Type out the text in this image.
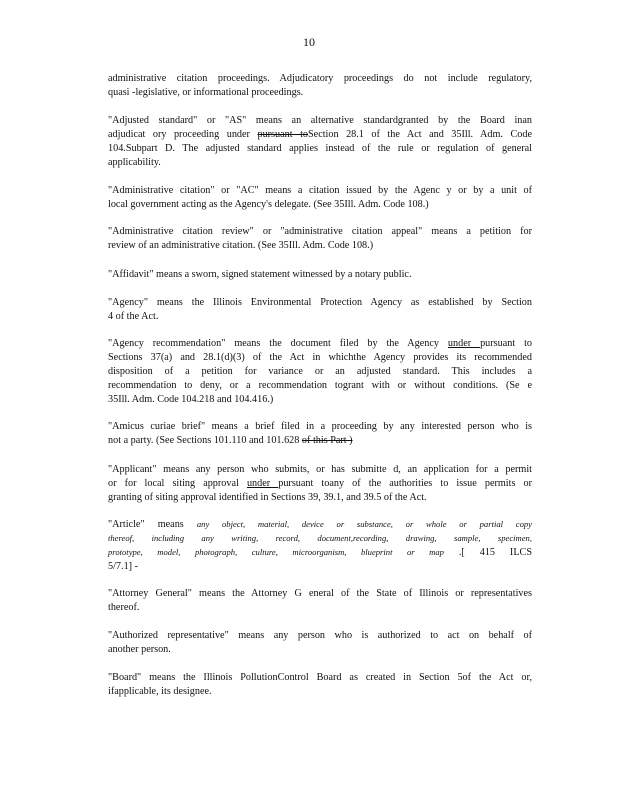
10
administrative citation proceedings. Adjudicatory proceedings do not include regulatory,
quasi -legislative, or informational proceedings.
"Adjusted standard" or "AS" means an alternative standardgranted by the Board inan
adjudicat ory proceeding under pursuant toSection 28.1 of the Act and 35Ill. Adm. Code
104.Subpart D. The adjusted standard applies instead of the rule or regulation of general
applicability.
"Administrative citation" or "AC" means a citation issued by the Agenc y or by a unit of
local government acting as the Agency's delegate. (See 35Ill. Adm. Code 108.)
"Administrative citation review" or "administrative citation appeal" means a petition for
review of an administrative citation. (See 35Ill. Adm. Code 108.)
"Affidavit" means a sworn, signed statement witnessed by a notary public.
"Agency" means the Illinois Environmental Protection Agency as established by Section
4 of the Act.
"Agency recommendation" means the document filed by the Agency under pursuant to
Sections 37(a) and 28.1(d)(3) of the Act in whichthe Agency provides its recommended
disposition of a petition for variance or an adjusted standard. This includes a
recommendation to deny, or a recommendation togrant with or without conditions. (Se e
35Ill. Adm. Code 104.218 and 104.416.)
"Amicus curiae brief" means a brief filed in a proceeding by any interested person who is
not a party. (See Sections 101.110 and 101.628 of this Part )
"Applicant" means any person who submits, or has submitte d, an application for a permit
or for local siting approval under pursuant toany of the authorities to issue permits or
granting of siting approval identified in Sections 39, 39.1, and 39.5 of the Act.
"Article" means any object, material, device or substance, or whole or partial copy
thereof, including any writing, record, document,recording, drawing, sample, specimen,
prototype, model, photograph, culture, microorganism, blueprint or map .[ 415 ILCS
5/7.1] -
"Attorney General" means the Attorney G eneral of the State of Illinois or representatives
thereof.
"Authorized representative" means any person who is authorized to act on behalf of
another person.
"Board" means the Illinois PollutionControl Board as created in Section 5of the Act or,
ifapplicable, its designee.
